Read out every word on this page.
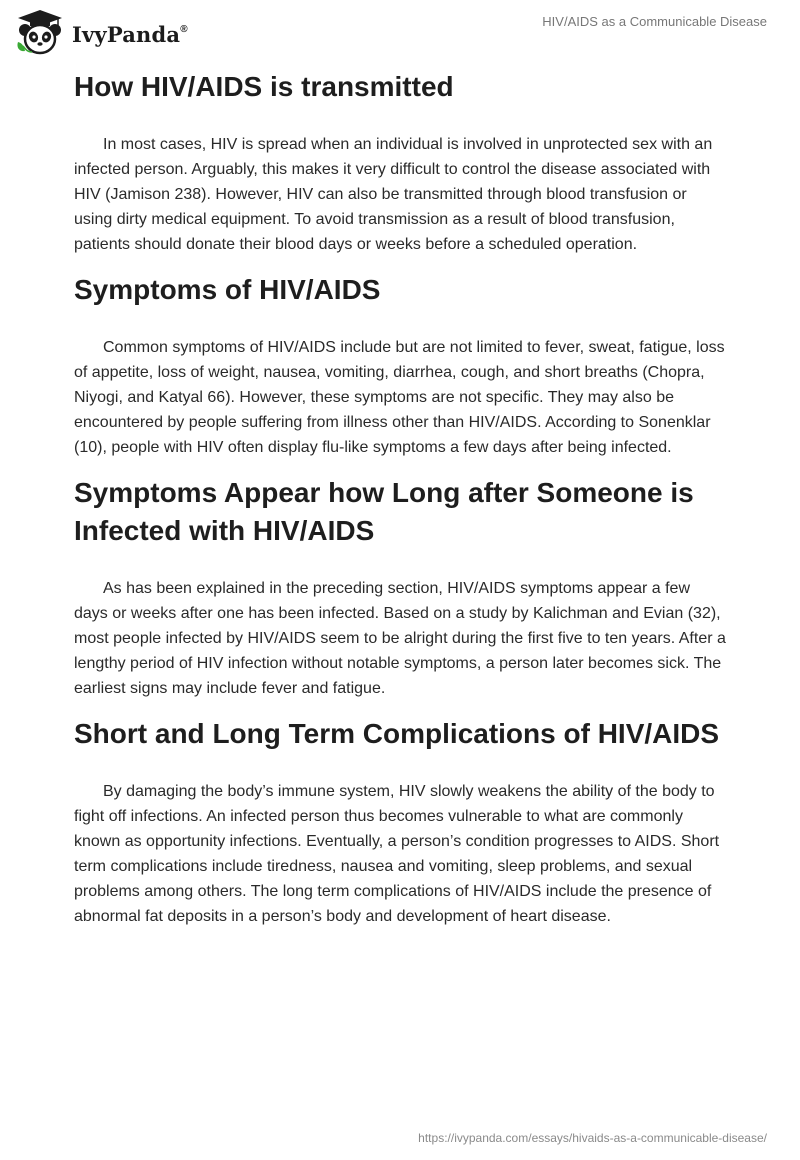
IvyPanda®	HIV/AIDS as a Communicable Disease
How HIV/AIDS is transmitted

In most cases, HIV is spread when an individual is involved in unprotected sex with an infected person. Arguably, this makes it very difficult to control the disease associated with HIV (Jamison 238). However, HIV can also be transmitted through blood transfusion or using dirty medical equipment. To avoid transmission as a result of blood transfusion, patients should donate their blood days or weeks before a scheduled operation.

Symptoms of HIV/AIDS

Common symptoms of HIV/AIDS include but are not limited to fever, sweat, fatigue, loss of appetite, loss of weight, nausea, vomiting, diarrhea, cough, and short breaths (Chopra, Niyogi, and Katyal 66). However, these symptoms are not specific. They may also be encountered by people suffering from illness other than HIV/AIDS. According to Sonenklar (10), people with HIV often display flu-like symptoms a few days after being infected.

Symptoms Appear how Long after Someone is Infected with HIV/AIDS

As has been explained in the preceding section, HIV/AIDS symptoms appear a few days or weeks after one has been infected. Based on a study by Kalichman and Evian (32), most people infected by HIV/AIDS seem to be alright during the first five to ten years. After a lengthy period of HIV infection without notable symptoms, a person later becomes sick. The earliest signs may include fever and fatigue.

Short and Long Term Complications of HIV/AIDS

By damaging the body’s immune system, HIV slowly weakens the ability of the body to fight off infections. An infected person thus becomes vulnerable to what are commonly known as opportunity infections. Eventually, a person’s condition progresses to AIDS. Short term complications include tiredness, nausea and vomiting, sleep problems, and sexual problems among others. The long term complications of HIV/AIDS include the presence of abnormal fat deposits in a person’s body and development of heart disease.

https://ivypanda.com/essays/hivaids-as-a-communicable-disease/
